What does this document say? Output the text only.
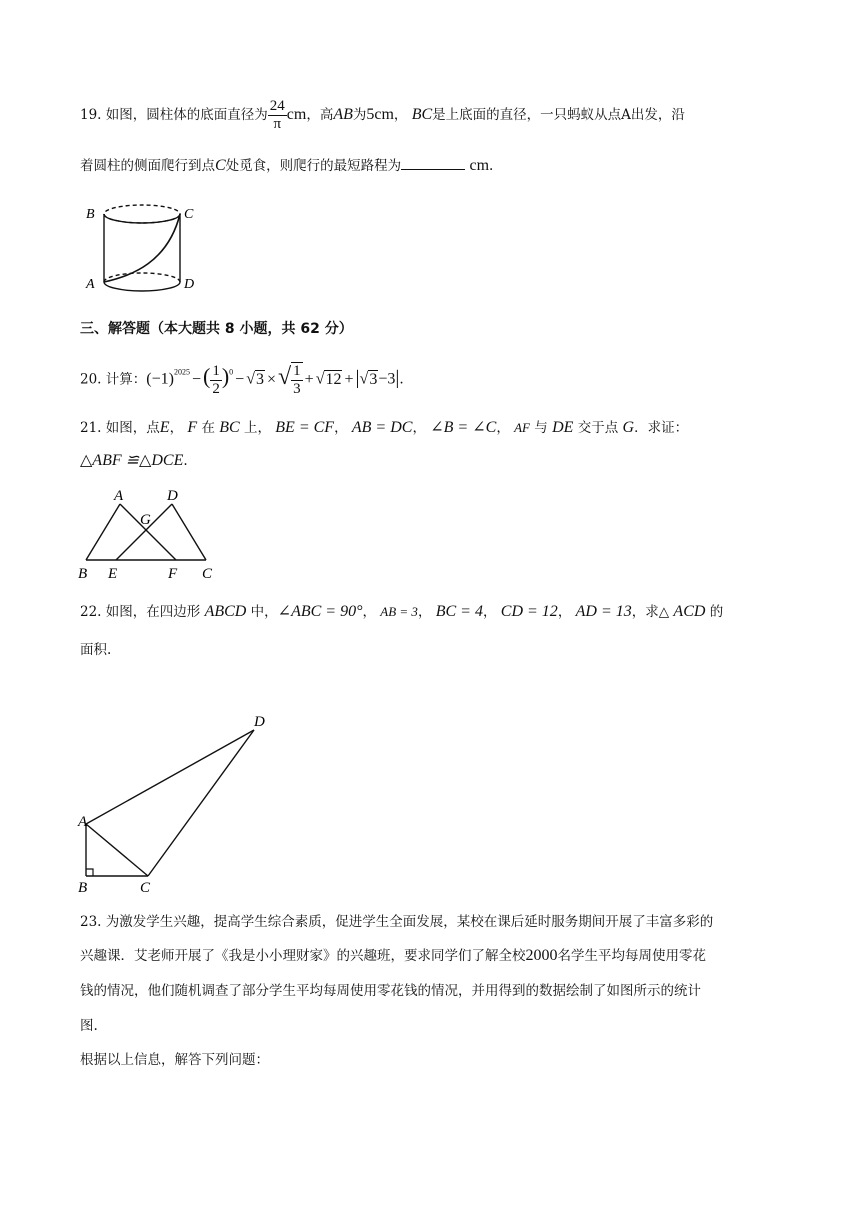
19. 如图，圆柱体的底面直径为 $\frac{24}{\pi}$ cm，高AB为5cm， BC是上底面的直径，一只蚂蚁从点A出发，沿
着圆柱的侧面爬行到点C处觅食，则爬行的最短路程为	cm.
B	C
A	D
三、解答题（本大题共 8 小题，共 62 分）
20. 计算：$(-1)^{2025}$ −( $\frac{1}{2} )^0 - √3$ ×√ $\frac{1}{3} + √12 + |√3-3|$.
21. 如图，点E， F 在 BC 上， BE = CF， AB = DC， ∠B = ∠C， AF 与 DE 交于点 G．求证：
△ABF ≌△DCE.
A	D
G
B E	F C
22. 如图，在四边形 ABCD 中，∠ABC = 90°， AB = 3， BC = 4， CD = 12， AD = 13，求△ ACD 的
面积.
D
A
B	C
23. 为激发学生兴趣，提高学生综合素质，促进学生全面发展，某校在课后延时服务期间开展了丰富多彩的
兴趣课．艾老师开展了《我是小小理财家》的兴趣班，要求同学们了解全校2000名学生平均每周使用零花
钱的情况，他们随机调查了部分学生平均每周使用零花钱的情况，并用得到的数据绘制了如图所示的统计
图.
根据以上信息，解答下列问题：
